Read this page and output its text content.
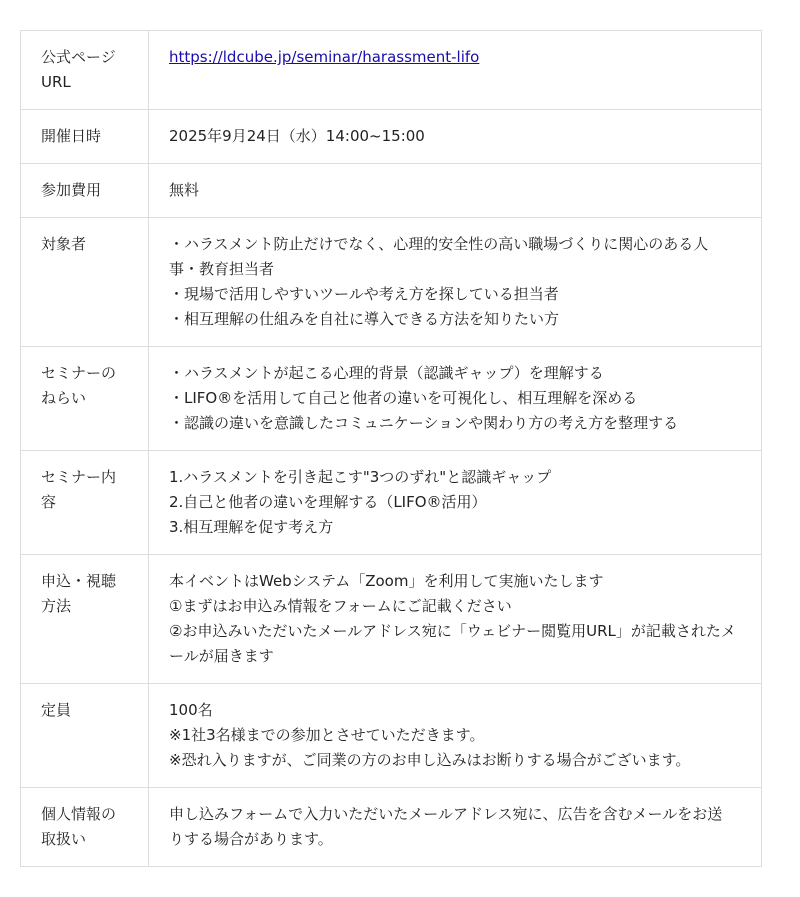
公式ページURL	https://ldcube.jp/seminar/harassment-lifo
開催日時	2025年9月24日（水）14:00~15:00

参加費用	無料

対象者	・ハラスメント防止だけでなく、心理的安全性の高い職場づくりに関心のある人事・教育担当者
・現場で活用しやすいツールや考え方を探している担当者
・相互理解の仕組みを自社に導入できる方法を知りたい方

セミナーのねらい	・ハラスメントが起こる心理的背景（認識ギャップ）を理解する
・LIFO®を活用して自己と他者の違いを可視化し、相互理解を深める
・認識の違いを意識したコミュニケーションや関わり方の考え方を整理する

セミナー内容	1.ハラスメントを引き起こす"3つのずれ"と認識ギャップ
2.自己と他者の違いを理解する（LIFO®活用）
3.相互理解を促す考え方

申込・視聴方法	本イベントはWebシステム「Zoom」を利用して実施いたします
①まずはお申込み情報をフォームにご記載ください
②お申込みいただいたメールアドレス宛に「ウェビナー閲覧用URL」が記載されたメールが届きます

定員	100名
※1社3名様までの参加とさせていただきます。
※恐れ入りますが、ご同業の方のお申し込みはお断りする場合がございます。

個人情報の取扱い	申し込みフォームで入力いただいたメールアドレス宛に、広告を含むメールをお送りする場合があります。
